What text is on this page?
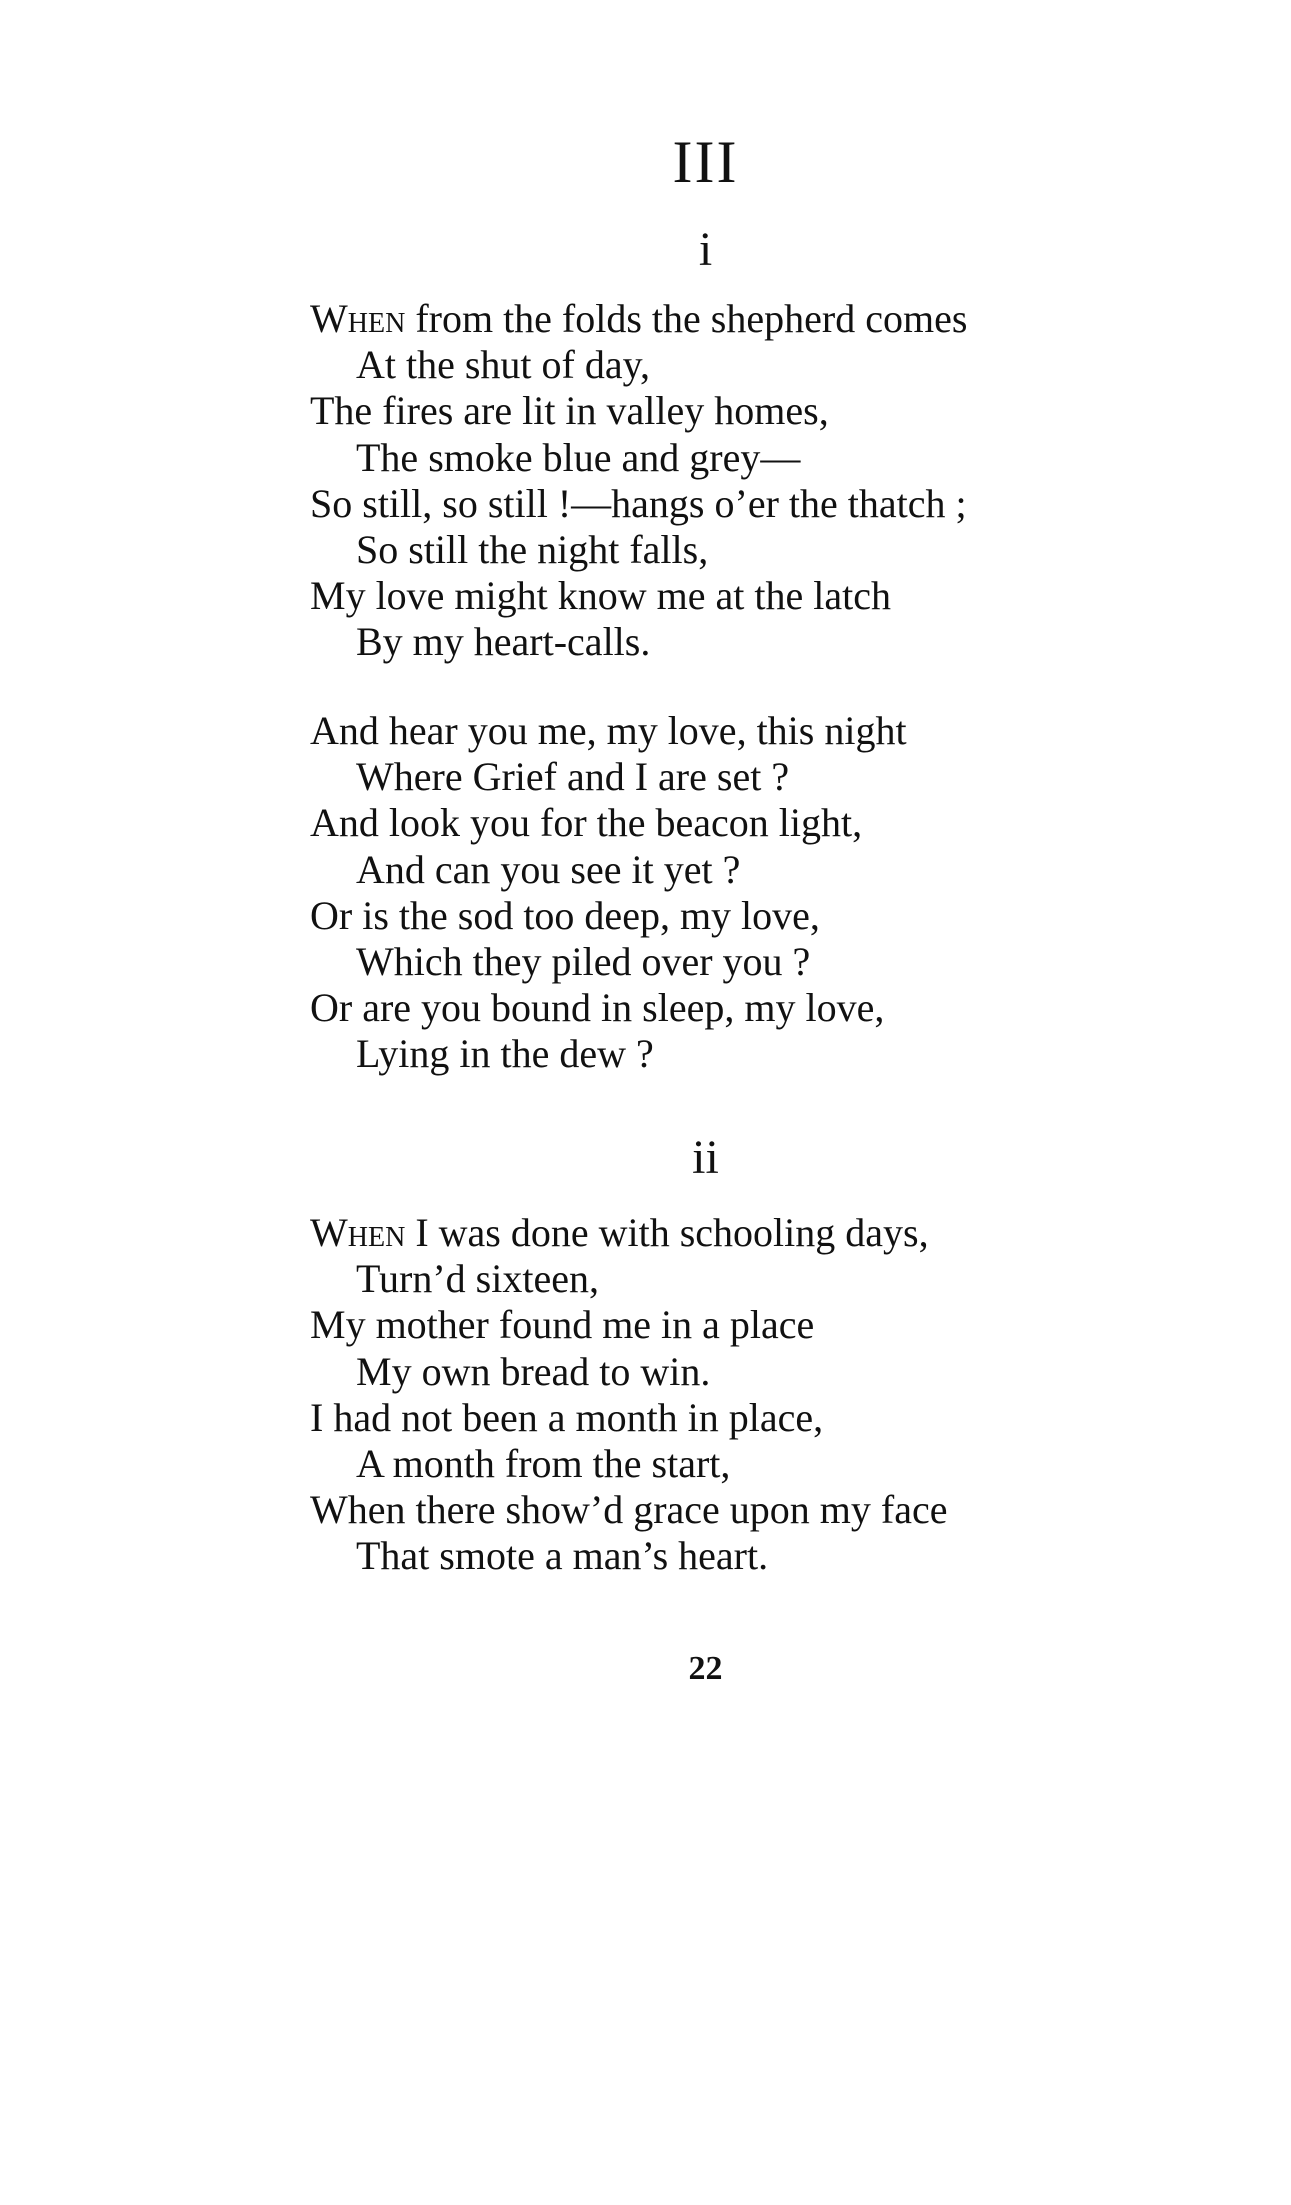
III
i
When from the folds the shepherd comes
At the shut of day,
The fires are lit in valley homes,
The smoke blue and grey—
So still, so still !—hangs o’er the thatch ;
So still the night falls,
My love might know me at the latch
By my heart-calls.
And hear you me, my love, this night
Where Grief and I are set ?
And look you for the beacon light,
And can you see it yet ?
Or is the sod too deep, my love,
Which they piled over you ?
Or are you bound in sleep, my love,
Lying in the dew ?
ii
When I was done with schooling days,
Turn’d sixteen,
My mother found me in a place
My own bread to win.
I had not been a month in place,
A month from the start,
When there show’d grace upon my face
That smote a man’s heart.
22
